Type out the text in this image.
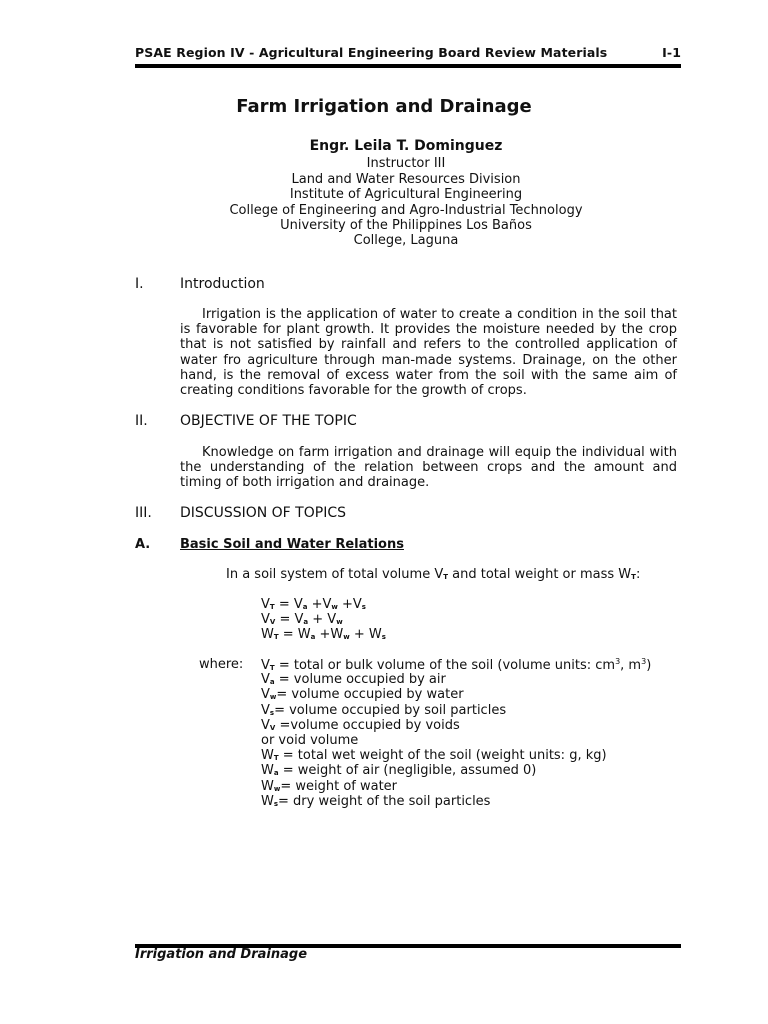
PSAE Region IV - Agricultural Engineering Board Review Materials	I-1
Farm Irrigation and Drainage
Engr. Leila T. Dominguez
Instructor III
Land and Water Resources Division
Institute of Agricultural Engineering
College of Engineering and Agro-Industrial Technology
University of the Philippines Los Baños
College, Laguna
I.	Introduction
Irrigation is the application of water to create a condition in the soil that is favorable for plant growth. It provides the moisture needed by the crop that is not satisfied by rainfall and refers to the controlled application of water fro agriculture through man-made systems. Drainage, on the other hand, is the removal of excess water from the soil with the same aim of creating conditions favorable for the growth of crops.
II. OBJECTIVE OF THE TOPIC
Knowledge on farm irrigation and drainage will equip the individual with the understanding of the relation between crops and the amount and timing of both irrigation and drainage.
III. DISCUSSION OF TOPICS
A. Basic Soil and Water Relations
In a soil system of total volume VT and total weight or mass WT:
VT = Va +Vw +Vs
VV = Va + Vw
WT = Wa +Ww + Ws
where: VT = total or bulk volume of the soil (volume units: $cm^3$, $m^3$)
Va = volume occupied by air
Vw= volume occupied by water
Vs= volume occupied by soil particles
VV =volume occupied by voids
or void volume
WT = total wet weight of the soil (weight units: g, kg)
Wa = weight of air (negligible, assumed 0)
Ww= weight of water
Ws= dry weight of the soil particles
Irrigation and Drainage
